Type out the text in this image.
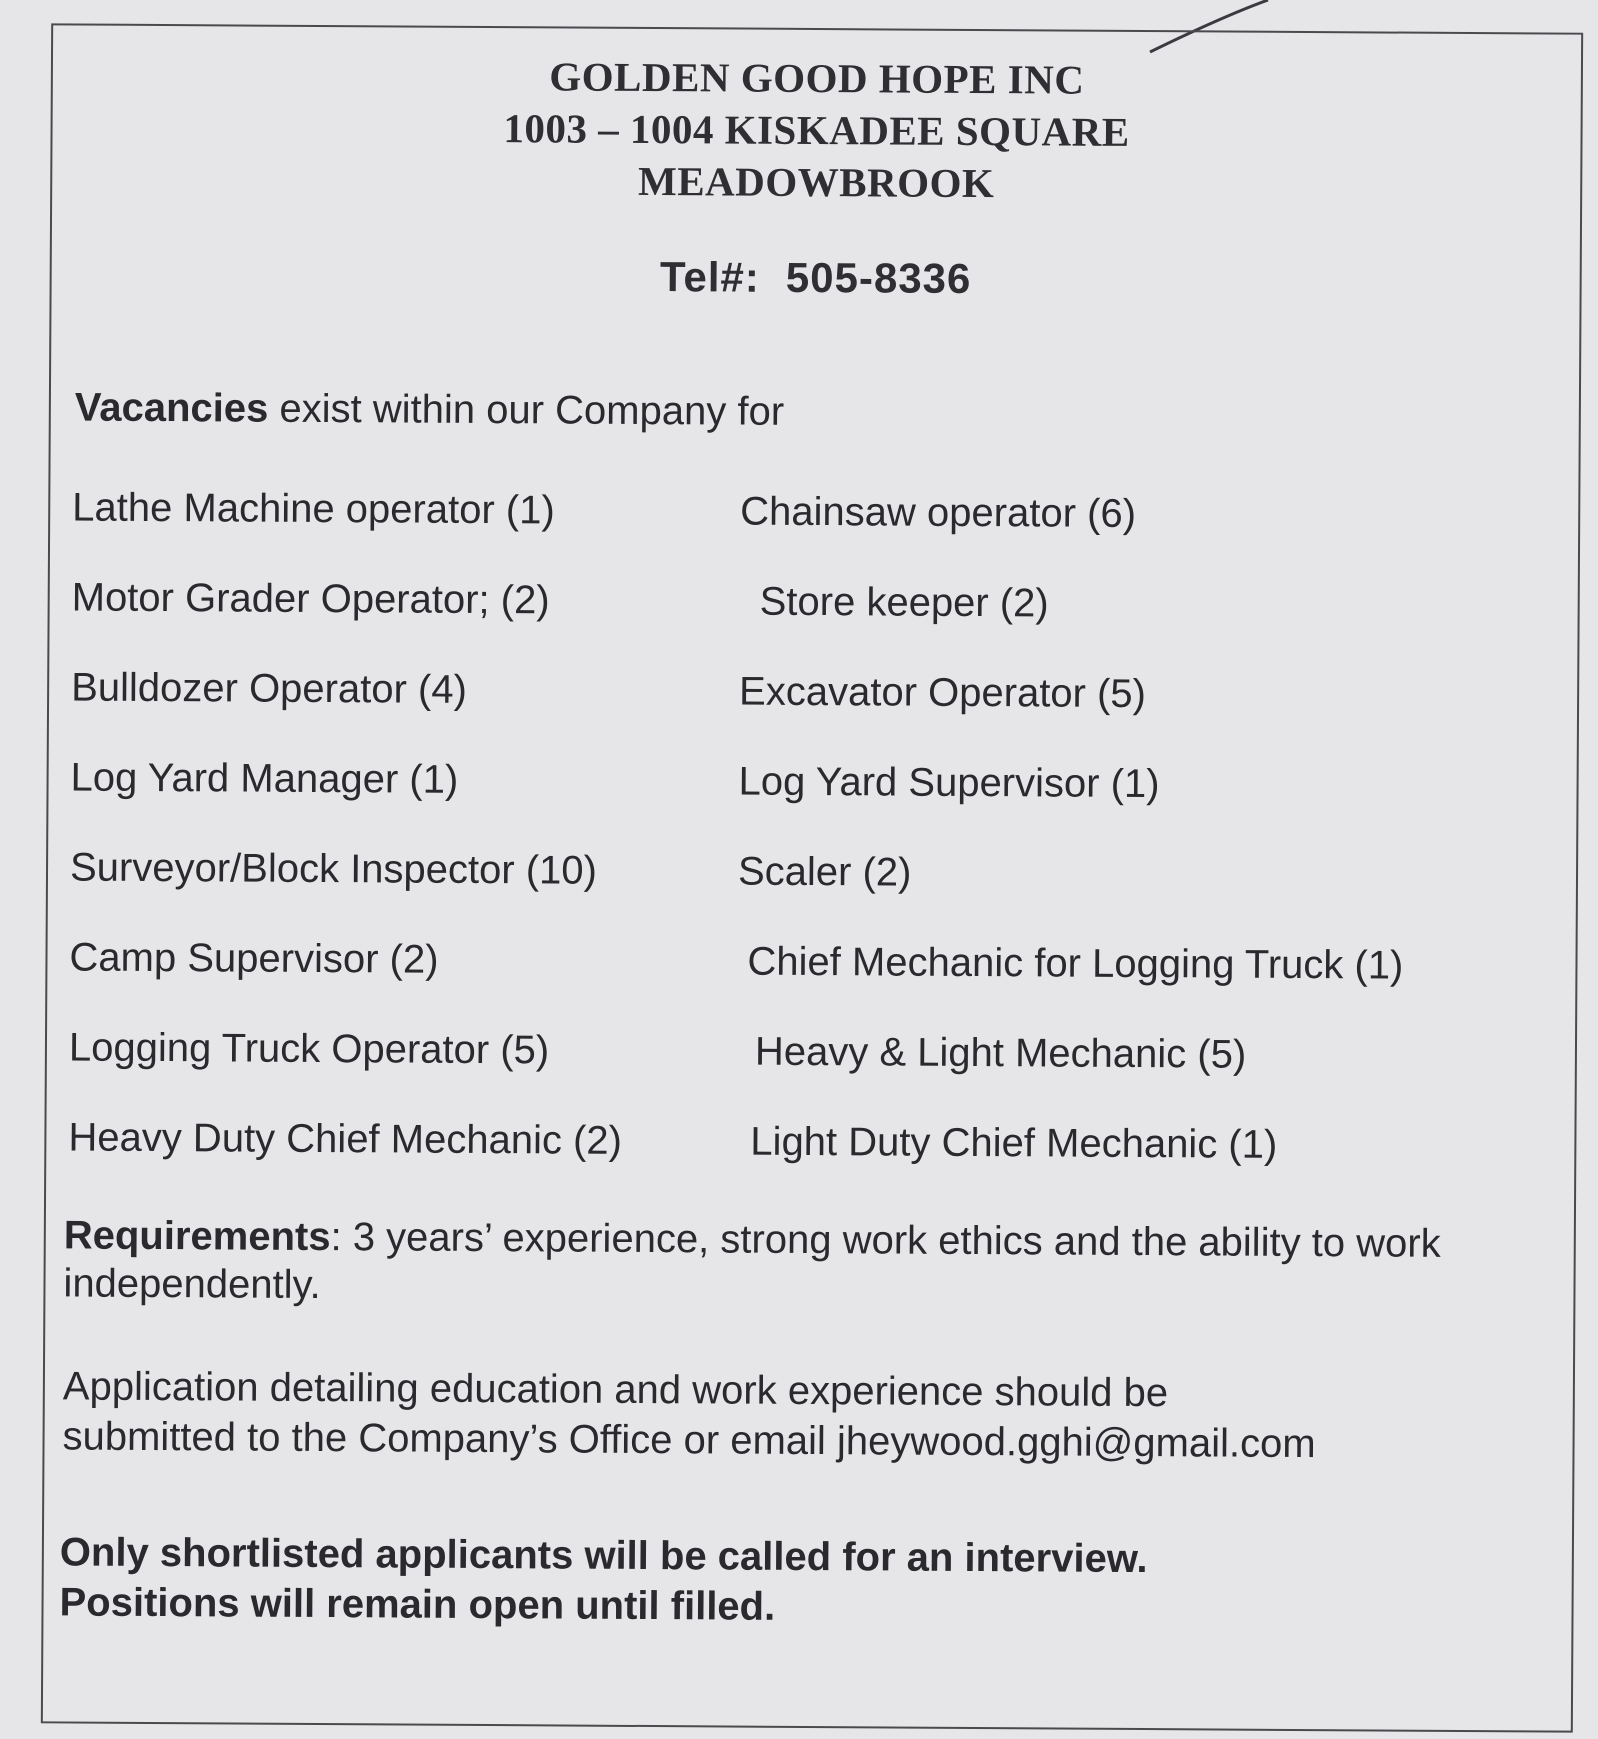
GOLDEN GOOD HOPE INC
1003 – 1004 KISKADEE SQUARE
MEADOWBROOK
Tel#: 505-8336
Vacancies exist within our Company for
Lathe Machine operator (1)	Chainsaw operator (6)
Motor Grader Operator; (2)	Store keeper (2)
Bulldozer Operator (4)	Excavator Operator (5)
Log Yard Manager (1)	Log Yard Supervisor (1)
Surveyor/Block Inspector (10)	Scaler (2)
Camp Supervisor (2)	Chief Mechanic for Logging Truck (1)
Logging Truck Operator (5)	Heavy & Light Mechanic (5)
Heavy Duty Chief Mechanic (2)	Light Duty Chief Mechanic (1)
Requirements: 3 years’ experience, strong work ethics and the ability to work independently.
Application detailing education and work experience should be
submitted to the Company’s Office or email jheywood.gghi@gmail.com
Only shortlisted applicants will be called for an interview.
Positions will remain open until filled.
